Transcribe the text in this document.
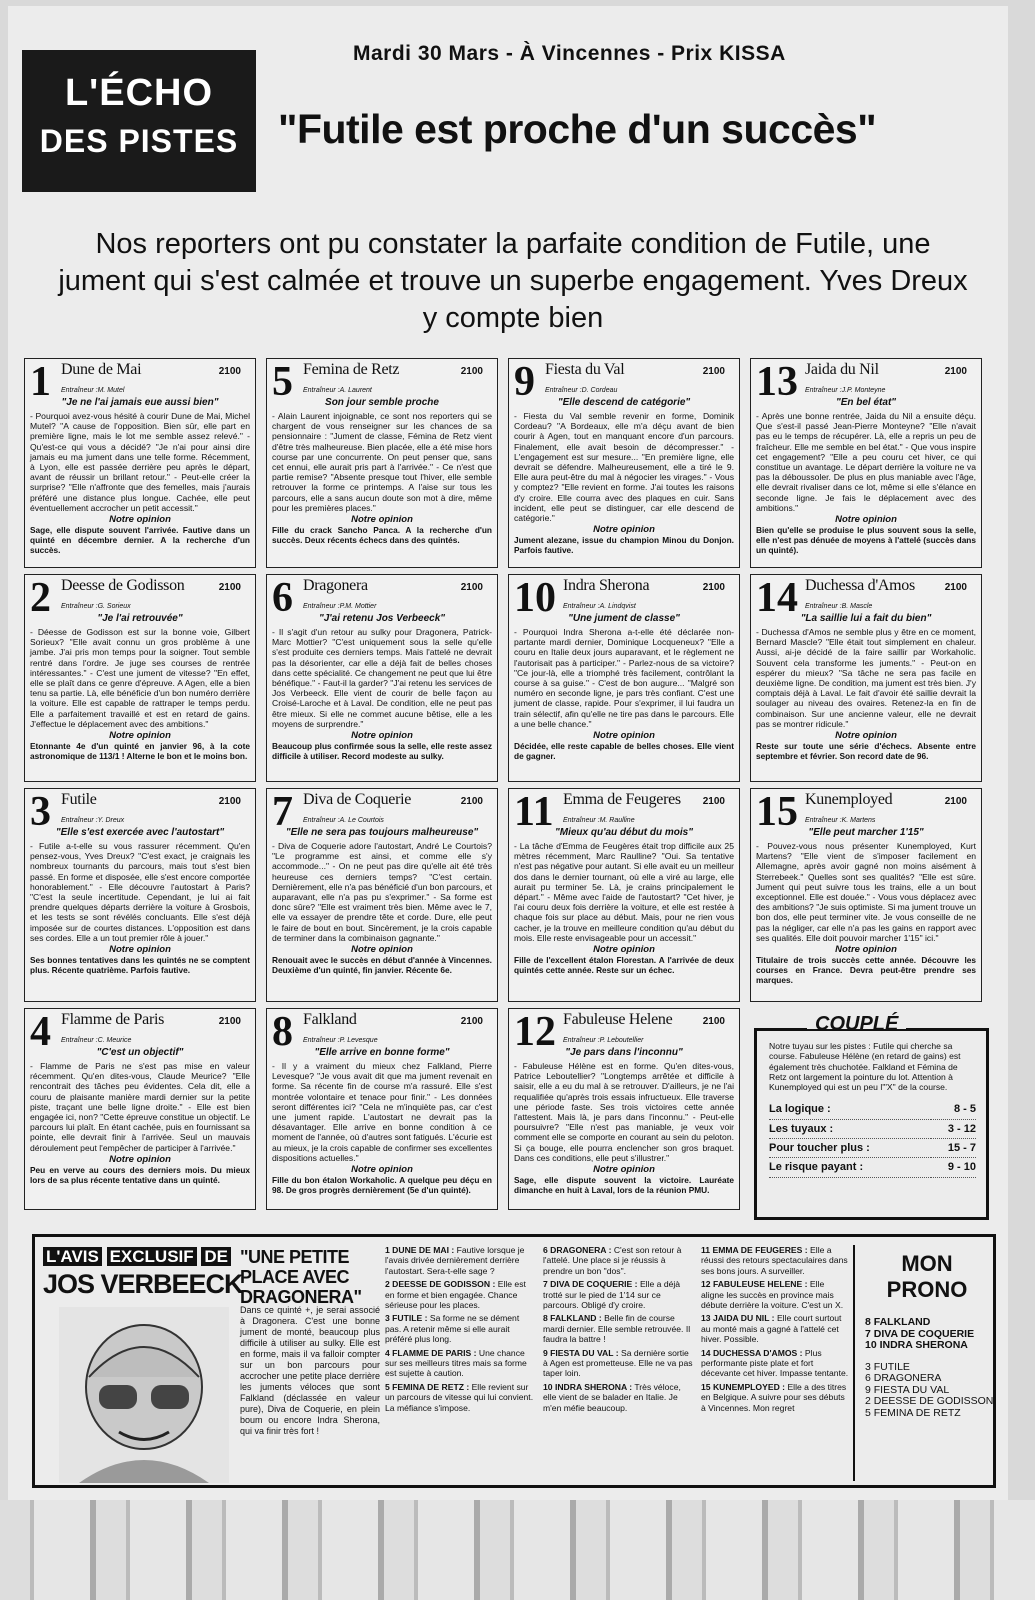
L'ÉCHO
DES PISTES
Mardi 30 Mars - À Vincennes - Prix KISSA
"Futile est proche d'un succès"
Nos reporters ont pu constater la parfaite condition de Futile, une jument qui s'est calmée et trouve un superbe engagement. Yves Dreux y compte bien
1 Dune de Mai	2100
Entraîneur :M. Mutel
"Je ne l'ai jamais eue aussi bien"
- Pourquoi avez-vous hésité à courir Dune de Mai, Michel Mutel? "A cause de l'opposition. Bien sûr, elle part en première ligne, mais le lot me semble assez relevé." - Qu'est-ce qui vous a décidé? "Je n'ai pour ainsi dire jamais eu ma jument dans une telle forme. Récemment, à Lyon, elle est passée derrière peu après le départ, avant de réussir un brillant retour." - Peut-elle créer la surprise? "Elle n'affronte que des femelles, mais j'aurais préféré une distance plus longue. Cachée, elle peut éventuellement accrocher un petit accessit."
Notre opinion
Sage, elle dispute souvent l'arrivée. Fautive dans un quinté en décembre dernier. A la recherche d'un succès.
5 Femina de Retz	2100
Entraîneur :A. Laurent
Son jour semble proche
- Alain Laurent injoignable, ce sont nos reporters qui se chargent de vous renseigner sur les chances de sa pensionnaire : "Jument de classe, Fémina de Retz vient d'être très malheureuse. Bien placée, elle a été mise hors course par une concurrente. On peut penser que, sans cet ennui, elle aurait pris part à l'arrivée." - Ce n'est que partie remise? "Absente presque tout l'hiver, elle semble retrouver la forme ce printemps. A l'aise sur tous les parcours, elle a sans aucun doute son mot à dire, même pour les premières places."
Notre opinion
Fille du crack Sancho Panca. A la recherche d'un succès. Deux récents échecs dans des quintés.
9 Fiesta du Val	2100
Entraîneur :D. Cordeau
"Elle descend de catégorie"
- Fiesta du Val semble revenir en forme, Dominik Cordeau? "A Bordeaux, elle m'a déçu avant de bien courir à Agen, tout en manquant encore d'un parcours. Finalement, elle avait besoin de décompresser." - L'engagement est sur mesure... "En première ligne, elle devrait se défendre. Malheureusement, elle a tiré le 9. Elle aura peut-être du mal à négocier les virages." - Vous y comptez? "Elle revient en forme. J'ai toutes les raisons d'y croire. Elle courra avec des plaques en cuir. Sans incident, elle peut se distinguer, car elle descend de catégorie."
Notre opinion
Jument alezane, issue du champion Minou du Donjon. Parfois fautive.
13 Jaida du Nil	2100
Entraîneur :J.P. Monteyne
"En bel état"
- Après une bonne rentrée, Jaida du Nil a ensuite déçu. Que s'est-il passé Jean-Pierre Monteyne? "Elle n'avait pas eu le temps de récupérer. Là, elle a repris un peu de fraîcheur. Elle me semble en bel état." - Que vous inspire cet engagement? "Elle a peu couru cet hiver, ce qui constitue un avantage. Le départ derrière la voiture ne va pas la déboussoler. De plus en plus maniable avec l'âge, elle devrait rivaliser dans ce lot, même si elle s'élance en seconde ligne. Je fais le déplacement avec des ambitions."
Notre opinion
Bien qu'elle se produise le plus souvent sous la selle, elle n'est pas dénuée de moyens à l'attelé (succès dans un quinté).
2 Deesse de Godisson	2100
Entraîneur :G. Sorieux
"Je l'ai retrouvée"
- Déesse de Godisson est sur la bonne voie, Gilbert Sorieux? "Elle avait connu un gros problème à une jambe. J'ai pris mon temps pour la soigner. Tout semble rentré dans l'ordre. Je juge ses courses de rentrée intéressantes." - C'est une jument de vitesse? "En effet, elle se plaît dans ce genre d'épreuve. A Agen, elle a bien tenu sa partie. Là, elle bénéficie d'un bon numéro derrière la voiture. Elle est capable de rattraper le temps perdu. Elle a parfaitement travaillé et est en retard de gains. J'effectue le déplacement avec des ambitions."
Notre opinion
Etonnante 4e d'un quinté en janvier 96, à la cote astronomique de 113/1 ! Alterne le bon et le moins bon.
6 Dragonera	2100
Entraîneur :P.M. Mottier
"J'ai retenu Jos Verbeeck"
- Il s'agit d'un retour au sulky pour Dragonera, Patrick-Marc Mottier? "C'est uniquement sous la selle qu'elle s'est produite ces derniers temps. Mais l'attelé ne devrait pas la désorienter, car elle a déjà fait de belles choses dans cette spécialité. Ce changement ne peut que lui être bénéfique." - Faut-il la garder? "J'ai retenu les services de Jos Verbeeck. Elle vient de courir de belle façon au Croisé-Laroche et à Laval. De condition, elle ne peut pas être mieux. Si elle ne commet aucune bêtise, elle a les moyens de surprendre."
Notre opinion
Beaucoup plus confirmée sous la selle, elle reste assez difficile à utiliser. Record modeste au sulky.
10 Indra Sherona	2100
Entraîneur :A. Lindqvist
"Une jument de classe"
- Pourquoi Indra Sherona a-t-elle été déclarée non-partante mardi dernier, Dominique Locqueneux? "Elle a couru en Italie deux jours auparavant, et le règlement ne l'autorisait pas à participer." - Parlez-nous de sa victoire? "Ce jour-là, elle a triomphé très facilement, contrôlant la course à sa guise." - C'est de bon augure... "Malgré son numéro en seconde ligne, je pars très confiant. C'est une jument de classe, rapide. Pour s'exprimer, il lui faudra un train sélectif, afin qu'elle ne tire pas dans le parcours. Elle a une belle chance."
Notre opinion
Décidée, elle reste capable de belles choses. Elle vient de gagner.
14 Duchessa d'Amos	2100
Entraîneur :B. Mascle
"La saillie lui a fait du bien"
- Duchessa d'Amos ne semble plus y être en ce moment, Bernard Mascle? "Elle était tout simplement en chaleur. Aussi, ai-je décidé de la faire saillir par Workaholic. Souvent cela transforme les juments." - Peut-on en espérer du mieux? "Sa tâche ne sera pas facile en deuxième ligne. De condition, ma jument est très bien. J'y comptais déjà à Laval. Le fait d'avoir été saillie devrait la soulager au niveau des ovaires. Retenez-la en fin de combinaison. Sur une ancienne valeur, elle ne devrait pas se montrer ridicule."
Notre opinion
Reste sur toute une série d'échecs. Absente entre septembre et février. Son record date de 96.
3 Futile	2100
Entraîneur :Y. Dreux
"Elle s'est exercée avec l'autostart"
- Futile a-t-elle su vous rassurer récemment. Qu'en pensez-vous, Yves Dreux? "C'est exact, je craignais les nombreux tournants du parcours, mais tout s'est bien passé. En forme et disposée, elle s'est encore comportée honorablement." - Elle découvre l'autostart à Paris? "C'est la seule incertitude. Cependant, je lui ai fait prendre quelques départs derrière la voiture à Grosbois, et les tests se sont révélés concluants. Elle s'est déjà imposée sur de courtes distances. L'opposition est dans ses cordes. Elle a un tout premier rôle à jouer."
Notre opinion
Ses bonnes tentatives dans les quintés ne se comptent plus. Récente quatrième. Parfois fautive.
7 Diva de Coquerie	2100
Entraîneur :A. Le Courtois
"Elle ne sera pas toujours malheureuse"
- Diva de Coquerie adore l'autostart, André Le Courtois? "Le programme est ainsi, et comme elle s'y accommode..." - On ne peut pas dire qu'elle ait été très heureuse ces derniers temps? "C'est certain. Dernièrement, elle n'a pas bénéficié d'un bon parcours, et auparavant, elle n'a pas pu s'exprimer." - Sa forme est donc sûre? "Elle est vraiment très bien. Même avec le 7, elle va essayer de prendre tête et corde. Dure, elle peut le faire de bout en bout. Sincèrement, je la crois capable de terminer dans la combinaison gagnante."
Notre opinion
Renouait avec le succès en début d'année à Vincennes. Deuxième d'un quinté, fin janvier. Récente 6e.
11 Emma de Feugeres 2100
Entraîneur :M. Raulline
"Mieux qu'au début du mois"
- La tâche d'Emma de Feugères était trop difficile aux 25 mètres récemment, Marc Raulline? "Oui. Sa tentative n'est pas négative pour autant. Si elle avait eu un meilleur dos dans le dernier tournant, où elle a viré au large, elle aurait pu terminer 5e. Là, je crains principalement le départ." - Même avec l'aide de l'autostart? "Cet hiver, je l'ai couru deux fois derrière la voiture, et elle est restée à chaque fois sur place au début. Mais, pour ne rien vous cacher, je la trouve en meilleure condition qu'au début du mois. Elle reste envisageable pour un accessit."
Notre opinion
Fille de l'excellent étalon Florestan. A l'arrivée de deux quintés cette année. Reste sur un échec.
15 Kunemployed	2100
Entraîneur :K. Martens
"Elle peut marcher 1'15"
- Pouvez-vous nous présenter Kunemployed, Kurt Martens? "Elle vient de s'imposer facilement en Allemagne, après avoir gagné non moins aisément à Sterrebeek." Quelles sont ses qualités? "Elle est sûre. Jument qui peut suivre tous les trains, elle a un bout exceptionnel. Elle est douée." - Vous vous déplacez avec des ambitions? "Je suis optimiste. Si ma jument trouve un bon dos, elle peut terminer vite. Je vous conseille de ne pas la négliger, car elle n'a pas les gains en rapport avec ses qualités. Elle doit pouvoir marcher 1'15" ici."
Notre opinion
Titulaire de trois succès cette année. Découvre les courses en France. Devra peut-être prendre ses marques.
4 Flamme de Paris	2100
Entraîneur :C. Meurice
"C'est un objectif"
- Flamme de Paris ne s'est pas mise en valeur récemment. Qu'en dites-vous, Claude Meurice? "Elle rencontrait des tâches peu évidentes. Cela dit, elle a couru de plaisante manière mardi dernier sur la petite piste, traçant une belle ligne droite." - Elle est bien engagée ici, non? "Cette épreuve constitue un objectif. Le parcours lui plaît. En étant cachée, puis en fournissant sa pointe, elle devrait finir à l'arrivée. Seul un mauvais déroulement peut l'empêcher de participer à l'arrivée."
Notre opinion
Peu en verve au cours des derniers mois. Du mieux lors de sa plus récente tentative dans un quinté.
8 Falkland	2100
Entraîneur :P. Levesque
"Elle arrive en bonne forme"
- Il y a vraiment du mieux chez Falkland, Pierre Levesque? "Je vous avait dit que ma jument revenait en forme. Sa récente fin de course m'a rassuré. Elle s'est montrée volontaire et tenace pour finir." - Les données seront différentes ici? "Cela ne m'inquiète pas, car c'est une jument rapide. L'autostart ne devrait pas la désavantager. Elle arrive en bonne condition à ce moment de l'année, où d'autres sont fatigués. L'écurie est au mieux, je la crois capable de confirmer ses excellentes dispositions actuelles."
Notre opinion
Fille du bon étalon Workaholic. A quelque peu déçu en 98. De gros progrès dernièrement (5e d'un quinté).
12 Fabuleuse Helene	2100
Entraîneur :P. Leboutellier
"Je pars dans l'inconnu"
- Fabuleuse Hélène est en forme. Qu'en dites-vous, Patrice Leboutellier? "Longtemps arrêtée et difficile à saisir, elle a eu du mal à se retrouver. D'ailleurs, je ne l'ai requalifiée qu'après trois essais infructueux. Elle traverse une période faste. Ses trois victoires cette année l'attestent. Mais là, je pars dans l'inconnu." - Peut-elle poursuivre? "Elle n'est pas maniable, je veux voir comment elle se comporte en courant au sein du peloton. Si ça bouge, elle pourra enclencher son gros braquet. Dans ces conditions, elle peut s'illustrer."
Notre opinion
Sage, elle dispute souvent la victoire. Lauréate dimanche en huit à Laval, lors de la réunion PMU.
COUPLÉ
Notre tuyau sur les pistes : Futile qui cherche sa course. Fabuleuse Hélène (en retard de gains) est également très chuchotée. Falkland et Fémina de Retz ont largement la pointure du lot. Attention à Kunemployed qui est un peu l'"X" de la course.
La logique :	8 - 5
Les tuyaux :	3 - 12
Pour toucher plus :	15 - 7
Le risque payant :	9 - 10
L'AVIS EXCLUSIF DE
JOS VERBEECK
"UNE PETITE PLACE AVEC DRAGONERA"
Dans ce quinté +, je serai associé à Dragonera. C'est une bonne jument de monté, beaucoup plus difficile à utiliser au sulky. Elle est en forme, mais il va falloir compter sur un bon parcours pour accrocher une petite place derrière les juments véloces que sont Falkland (déclassée en valeur pure), Diva de Coquerie, en plein boum ou encore Indra Sherona, qui va finir très fort !

1 DUNE DE MAI : Fautive lorsque je l'avais drivée dernièrement derrière l'autostart. Sera-t-elle sage ?

2 DEESSE DE GODISSON : Elle est en forme et bien engagée. Chance sérieuse pour les places.

3 FUTILE : Sa forme ne se dément pas. A retenir même si elle aurait préféré plus long.

4 FLAMME DE PARIS : Une chance sur ses meilleurs titres mais sa forme est sujette à caution.

5 FEMINA DE RETZ : Elle revient sur un parcours de vitesse qui lui convient. La méfiance s'impose.

6 DRAGONERA : C'est son retour à l'attelé. Une place si je réussis à prendre un bon "dos".

7 DIVA DE COQUERIE : Elle a déjà trotté sur le pied de 1'14 sur ce parcours. Obligé d'y croire.

8 FALKLAND : Belle fin de course mardi dernier. Elle semble retrouvée. Il faudra la battre !

9 FIESTA DU VAL : Sa dernière sortie à Agen est prometteuse. Elle ne va pas taper loin.

10 INDRA SHERONA : Très véloce, elle vient de se balader en Italie. Je m'en méfie beaucoup.

11 EMMA DE FEUGERES : Elle a réussi des retours spectaculaires dans ses bons jours. A surveiller.

12 FABULEUSE HELENE : Elle aligne les succès en province mais débute derrière la voiture. C'est un X.

13 JAIDA DU NIL : Elle court surtout au monté mais a gagné à l'attelé cet hiver. Possible.

14 DUCHESSA D'AMOS : Plus performante piste plate et fort décevante cet hiver. Impasse tentante.

15 KUNEMPLOYED : Elle a des titres en Belgique. A suivre pour ses débuts à Vincennes. Mon regret

MON
PRONO
8 FALKLAND
7 DIVA DE COQUERIE
10 INDRA SHERONA
3 FUTILE
6 DRAGONERA
9 FIESTA DU VAL
2 DEESSE DE GODISSON
5 FEMINA DE RETZ
